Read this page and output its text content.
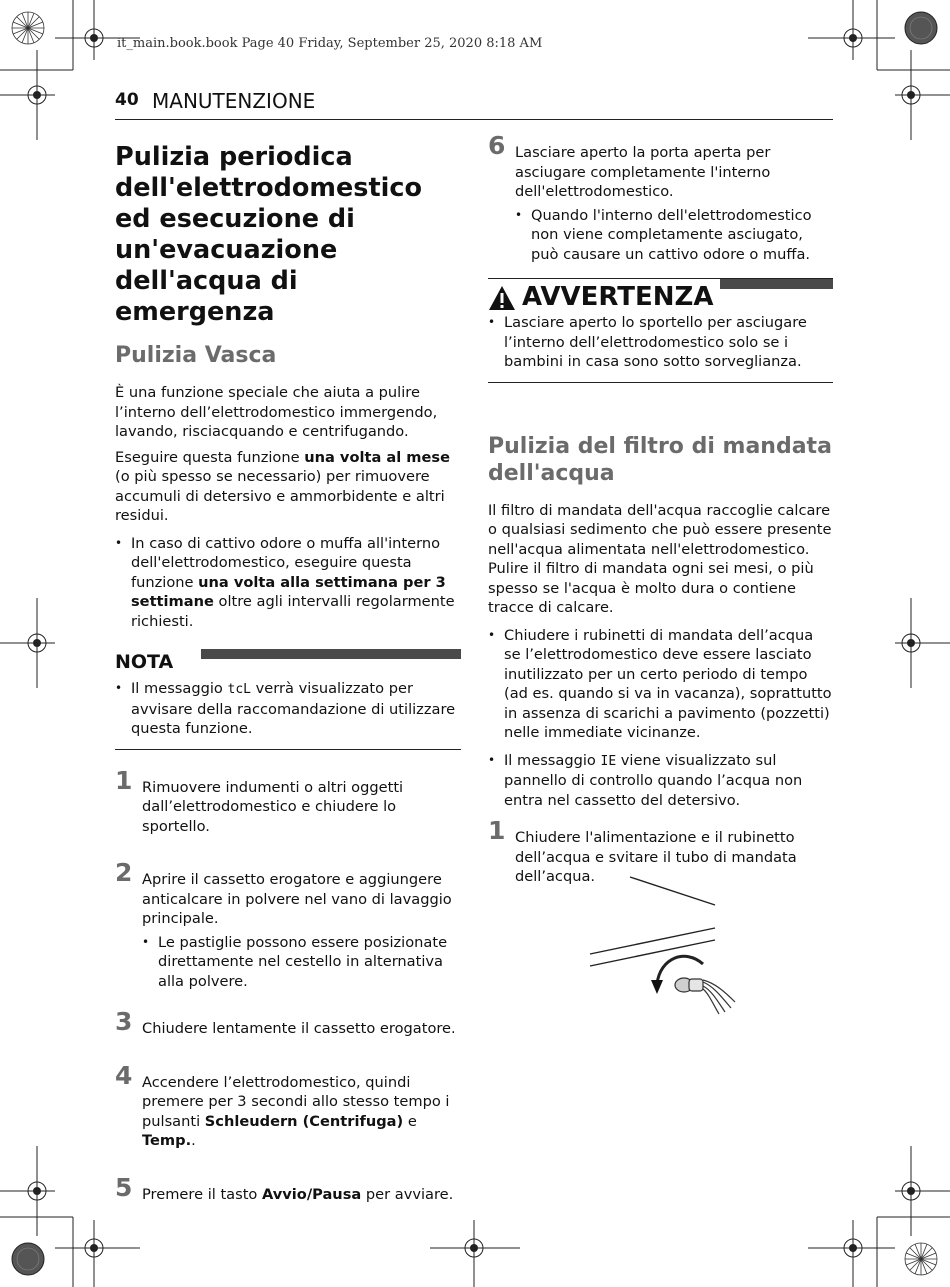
it_main.book.book Page 40 Friday, September 25, 2020 8:18 AM
40 MANUTENZIONE
Pulizia periodica dell'elettrodomestico ed esecuzione di un'evacuazione dell'acqua di emergenza
Pulizia Vasca

È una funzione speciale che aiuta a pulire l’interno dell’elettrodomestico immergendo, lavando, risciacquando e centrifugando.

Eseguire questa funzione una volta al mese (o più spesso se necessario) per rimuovere accumuli di detersivo e ammorbidente e altri residui.

• In caso di cattivo odore o muffa all'interno dell'elettrodomestico, eseguire questa funzione una volta alla settimana per 3 settimane oltre agli intervalli regolarmente richiesti.
NOTA
• Il messaggio tcL verrà visualizzato per avvisare della raccomandazione di utilizzare questa funzione.
1 Rimuovere indumenti o altri oggetti dall’elettrodomestico e chiudere lo sportello.
2 Aprire il cassetto erogatore e aggiungere anticalcare in polvere nel vano di lavaggio principale.
• Le pastiglie possono essere posizionate direttamente nel cestello in alternativa alla polvere.
3 Chiudere lentamente il cassetto erogatore.
4 Accendere l’elettrodomestico, quindi premere per 3 secondi allo stesso tempo i pulsanti Schleudern (Centrifuga) e Temp..
5 Premere il tasto Avvio/Pausa per avviare.
6 Lasciare aperto la porta aperta per asciugare completamente l'interno dell'elettrodomestico.
• Quando l'interno dell'elettrodomestico non viene completamente asciugato, può causare un cattivo odore o muffa.
AVVERTENZA
• Lasciare aperto lo sportello per asciugare l’interno dell’elettrodomestico solo se i bambini in casa sono sotto sorveglianza.
Pulizia del filtro di mandata dell'acqua

Il filtro di mandata dell'acqua raccoglie calcare o qualsiasi sedimento che può essere presente nell'acqua alimentata nell'elettrodomestico. Pulire il filtro di mandata ogni sei mesi, o più spesso se l'acqua è molto dura o contiene tracce di calcare.

• Chiudere i rubinetti di mandata dell’acqua se l’elettrodomestico deve essere lasciato inutilizzato per un certo periodo di tempo (ad es. quando si va in vacanza), soprattutto in assenza di scarichi a pavimento (pozzetti) nelle immediate vicinanze.
• Il messaggio IE viene visualizzato sul pannello di controllo quando l’acqua non entra nel cassetto del detersivo.
1 Chiudere l'alimentazione e il rubinetto dell’acqua e svitare il tubo di mandata dell’acqua.
